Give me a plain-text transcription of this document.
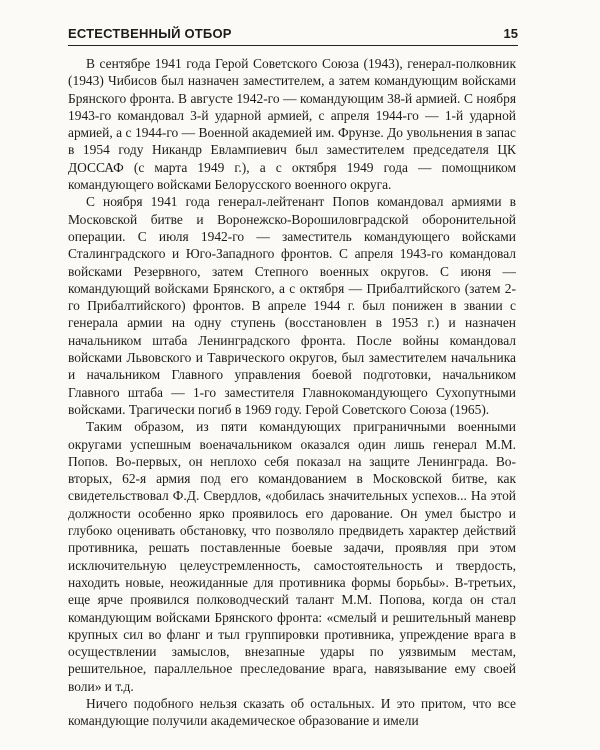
ЕСТЕСТВЕННЫЙ ОТБОР	15

В сентябре 1941 года Герой Советского Союза (1943), генерал-полковник (1943) Чибисов был назначен заместителем, а затем командующим войсками Брянского фронта. В августе 1942-го — командующим 38-й армией. С ноября 1943-го командовал 3-й ударной армией, с апреля 1944-го — 1-й ударной армией, а с 1944-го — Военной академией им. Фрунзе. До увольнения в запас в 1954 году Никандр Евлампиевич был заместителем председателя ЦК ДОССАФ (с марта 1949 г.), а с октября 1949 года — помощником командующего войсками Белорусского военного округа.

С ноября 1941 года генерал-лейтенант Попов командовал армиями в Московской битве и Воронежско-Ворошиловградской оборонительной операции. С июля 1942-го — заместитель командующего войсками Сталинградского и Юго-Западного фронтов. С апреля 1943-го командовал войсками Резервного, затем Степного военных округов. С июня — командующий войсками Брянского, а с октября — Прибалтийского (затем 2-го Прибалтийского) фронтов. В апреле 1944 г. был понижен в звании с генерала армии на одну ступень (восстановлен в 1953 г.) и назначен начальником штаба Ленинградского фронта. После войны командовал войсками Львовского и Таврического округов, был заместителем начальника и начальником Главного управления боевой подготовки, начальником Главного штаба — 1-го заместителя Главнокомандующего Сухопутными войсками. Трагически погиб в 1969 году. Герой Советского Союза (1965).

Таким образом, из пяти командующих приграничными военными округами успешным военачальником оказался один лишь генерал М.М. Попов. Во-первых, он неплохо себя показал на защите Ленинграда. Во-вторых, 62-я армия под его командованием в Московской битве, как свидетельствовал Ф.Д. Свердлов, «добилась значительных успехов... На этой должности особенно ярко проявилось его дарование. Он умел быстро и глубоко оценивать обстановку, что позволяло предвидеть характер действий противника, решать поставленные боевые задачи, проявляя при этом исключительную целеустремленность, самостоятельность и твердость, находить новые, неожиданные для противника формы борьбы». В-третьих, еще ярче проявился полководческий талант М.М. Попова, когда он стал командующим войсками Брянского фронта: «смелый и решительный маневр крупных сил во фланг и тыл группировки противника, упреждение врага в осуществлении замыслов, внезапные удары по уязвимым местам, решительное, параллельное преследование врага, навязывание ему своей воли» и т.д.

Ничего подобного нельзя сказать об остальных. И это притом, что все командующие получили академическое образование и имели
